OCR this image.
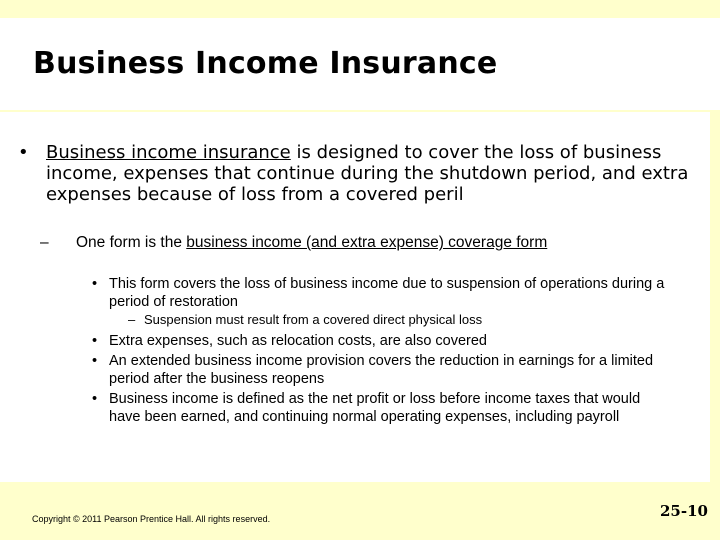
Business Income Insurance

• Business income insurance is designed to cover the loss of business income, expenses that continue during the shutdown period, and extra expenses because of loss from a covered peril

– One form is the business income (and extra expense) coverage form

• This form covers the loss of business income due to suspension of operations during a period of restoration

– Suspension must result from a covered direct physical loss

• Extra expenses, such as relocation costs, are also covered

• An extended business income provision covers the reduction in earnings for a limited period after the business reopens

• Business income is defined as the net profit or loss before income taxes that would have been earned, and continuing normal operating expenses, including payroll

Copyright © 2011 Pearson Prentice Hall. All rights reserved.	25-10
